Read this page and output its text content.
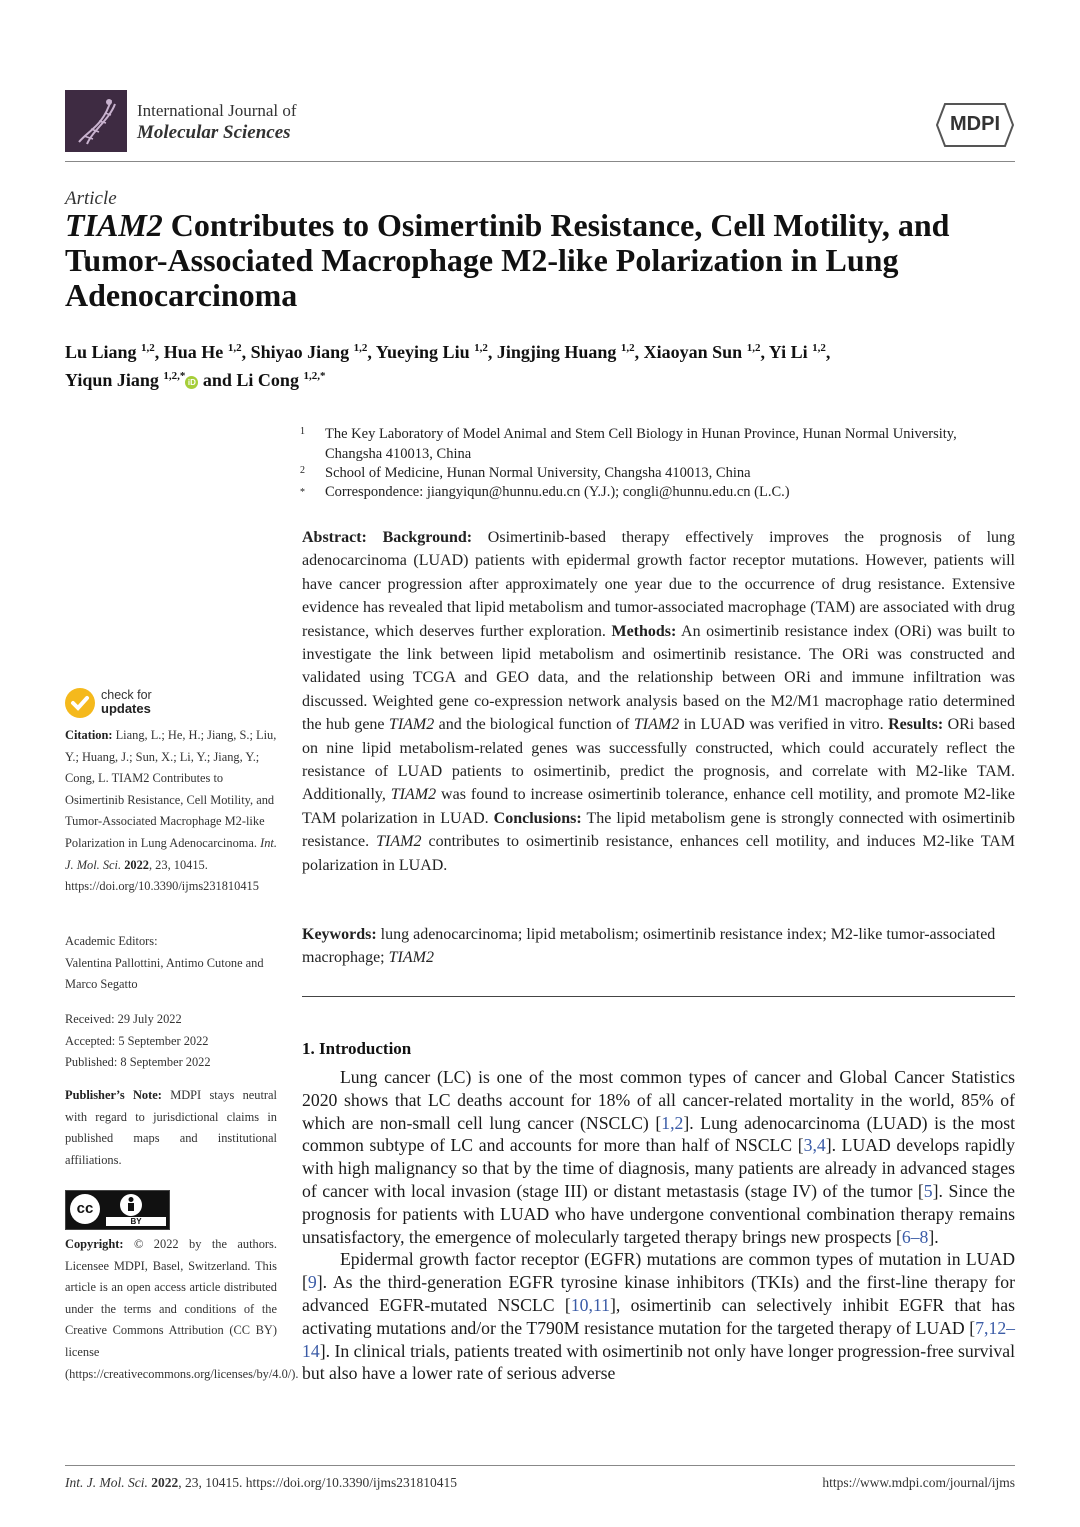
International Journal of
Molecular Sciences	MDPI
Article
TIAM2 Contributes to Osimertinib Resistance, Cell Motility, and Tumor-Associated Macrophage M2-like Polarization in Lung Adenocarcinoma
Lu Liang $^{1,2}$, Hua He $^{1,2}$, Shiyao Jiang $^{1,2}$, Yueying Liu $^{1,2}$, Jingjing Huang $^{1,2}$, Xiaoyan Sun $^{1,2}$, Yi Li $^{1,2}$,
Yiqun Jiang $^{1,2,*}$iD and Li Cong $^{1,2,*}$
1 The Key Laboratory of Model Animal and Stem Cell Biology in Hunan Province, Hunan Normal University, Changsha 410013, China
2 School of Medicine, Hunan Normal University, Changsha 410013, China
* Correspondence: jiangyiqun@hunnu.edu.cn (Y.J.); congli@hunnu.edu.cn (L.C.)
Abstract: Background: Osimertinib-based therapy effectively improves the prognosis of lung adenocarcinoma (LUAD) patients with epidermal growth factor receptor mutations. However, patients will have cancer progression after approximately one year due to the occurrence of drug resistance. Extensive evidence has revealed that lipid metabolism and tumor-associated macrophage (TAM) are associated with drug resistance, which deserves further exploration. Methods: An osimertinib resistance index (ORi) was built to investigate the link between lipid metabolism and osimertinib resistance. The ORi was constructed and validated using TCGA and GEO data, and the relationship between ORi and immune infiltration was discussed. Weighted gene co-expression network analysis based on the M2/M1 macrophage ratio determined the hub gene TIAM2 and the biological function of TIAM2 in LUAD was verified in vitro. Results: ORi based on nine lipid metabolism-related genes was successfully constructed, which could accurately reflect the resistance of LUAD patients to osimertinib, predict the prognosis, and correlate with M2-like TAM. Additionally, TIAM2 was found to increase osimertinib tolerance, enhance cell motility, and promote M2-like TAM polarization in LUAD. Conclusions: The lipid metabolism gene is strongly connected with osimertinib resistance. TIAM2 contributes to osimertinib resistance, enhances cell motility, and induces M2-like TAM polarization in LUAD.
Keywords: lung adenocarcinoma; lipid metabolism; osimertinib resistance index; M2-like tumor-associated macrophage; TIAM2
1. Introduction

Lung cancer (LC) is one of the most common types of cancer and Global Cancer Statistics 2020 shows that LC deaths account for 18% of all cancer-related mortality in the world, 85% of which are non-small cell lung cancer (NSCLC) [1,2]. Lung adenocarcinoma (LUAD) is the most common subtype of LC and accounts for more than half of NSCLC [3,4]. LUAD develops rapidly with high malignancy so that by the time of diagnosis, many patients are already in advanced stages of cancer with local invasion (stage III) or distant metastasis (stage IV) of the tumor [5]. Since the prognosis for patients with LUAD who have undergone conventional combination therapy remains unsatisfactory, the emergence of molecularly targeted therapy brings new prospects [6–8].

Epidermal growth factor receptor (EGFR) mutations are common types of mutation in LUAD [9]. As the third-generation EGFR tyrosine kinase inhibitors (TKIs) and the first-line therapy for advanced EGFR-mutated NSCLC [10,11], osimertinib can selectively inhibit EGFR that has activating mutations and/or the T790M resistance mutation for the targeted therapy of LUAD [7,12–14]. In clinical trials, patients treated with osimertinib not only have longer progression-free survival but also have a lower rate of serious adverse

check for
updates
Citation: Liang, L.; He, H.; Jiang, S.; Liu, Y.; Huang, J.; Sun, X.; Li, Y.; Jiang, Y.; Cong, L. TIAM2 Contributes to Osimertinib Resistance, Cell Motility, and Tumor-Associated Macrophage M2-like Polarization in Lung Adenocarcinoma. Int. J. Mol. Sci. 2022, 23, 10415. https://doi.org/10.3390/ijms231810415
Academic Editors:
Valentina Pallottini, Antimo Cutone and Marco Segatto
Received: 29 July 2022
Accepted: 5 September 2022
Published: 8 September 2022
Publisher’s Note: MDPI stays neutral with regard to jurisdictional claims in published maps and institutional affiliations.
cc
BY
Copyright: © 2022 by the authors. Licensee MDPI, Basel, Switzerland. This article is an open access article distributed under the terms and conditions of the Creative Commons Attribution (CC BY) license (https://creativecommons.org/licenses/by/4.0/).
Int. J. Mol. Sci. 2022, 23, 10415. https://doi.org/10.3390/ijms231810415	https://www.mdpi.com/journal/ijms
